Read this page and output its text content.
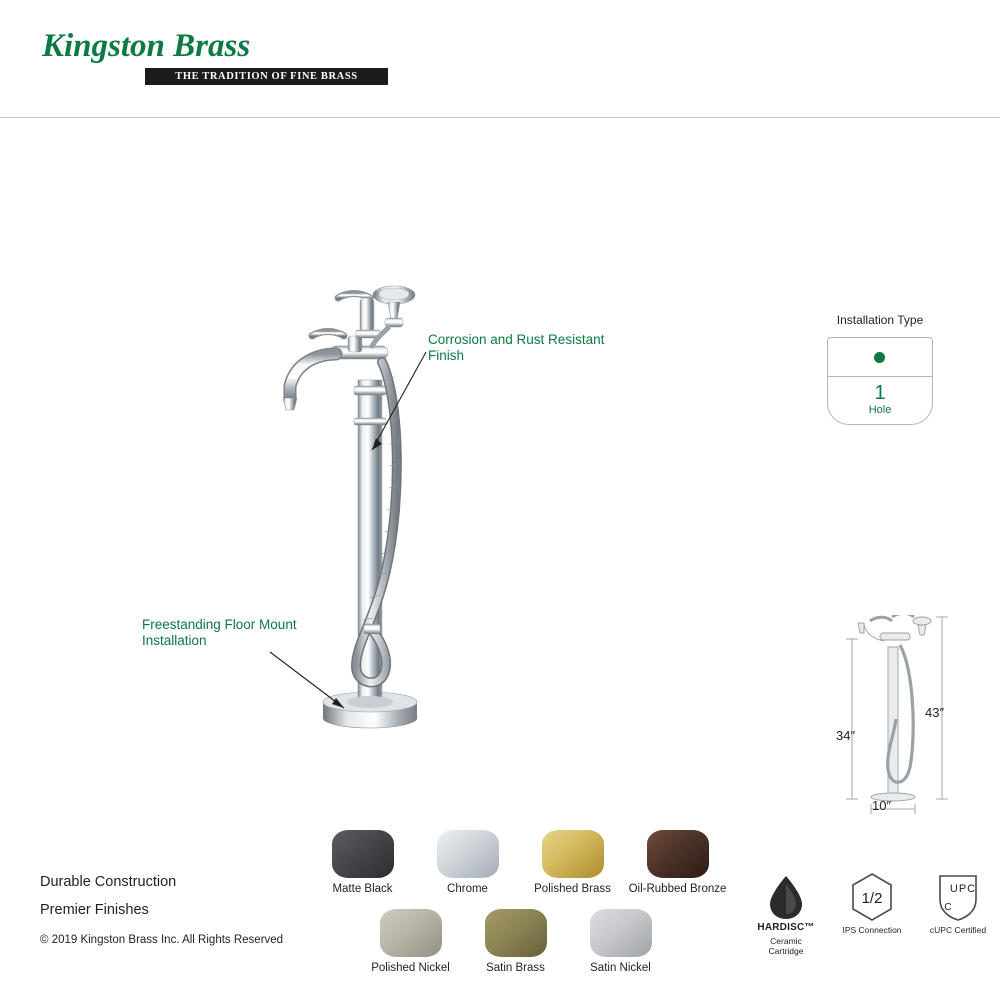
Kingston Brass
THE TRADITION OF FINE BRASS
Corrosion and Rust Resistant Finish
Freestanding Floor Mount Installation
Installation Type
1
Hole
43″
34″
10″
Durable Construction
Premier Finishes
© 2019 Kingston Brass Inc. All Rights Reserved
Matte Black	Chrome	Polished Brass	Oil-Rubbed Bronze
Polished Nickel	Satin Brass	Satin Nickel
HARDISC™
Ceramic Cartridge
1/2
IPS Connection
UPC
C
cUPC Certified
